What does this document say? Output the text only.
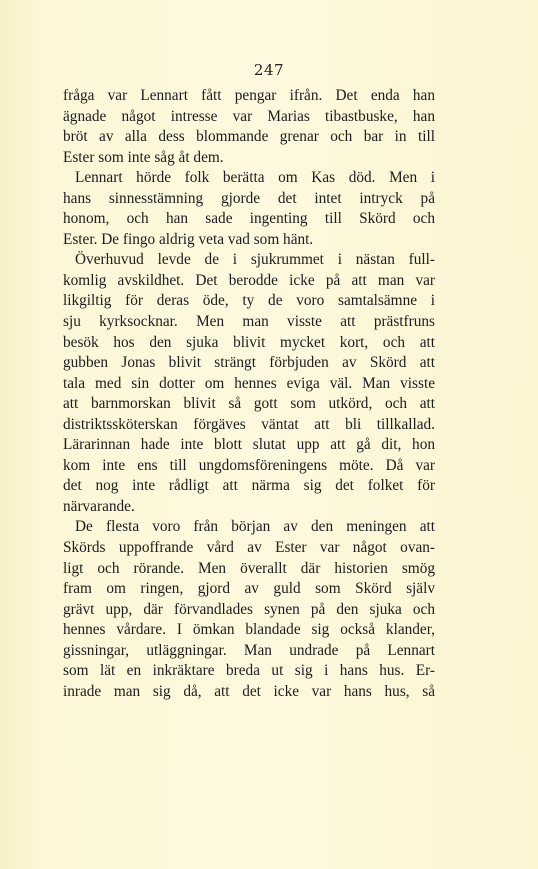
247
fråga var Lennart fått pengar ifrån. Det enda han
ägnade något intresse var Marias tibastbuske, han
bröt av alla dess blommande grenar och bar in till
Ester som inte såg åt dem.
Lennart hörde folk berätta om Kas död. Men i
hans sinnesstämning gjorde det intet intryck på
honom, och han sade ingenting till Skörd och
Ester. De fingo aldrig veta vad som hänt.
Överhuvud levde de i sjukrummet i nästan full-
komlig avskildhet. Det berodde icke på att man var
likgiltig för deras öde, ty de voro samtalsämne i
sju kyrksocknar. Men man visste att prästfruns
besök hos den sjuka blivit mycket kort, och att
gubben Jonas blivit strängt förbjuden av Skörd att
tala med sin dotter om hennes eviga väl. Man visste
att barnmorskan blivit så gott som utkörd, och att
distriktssköterskan förgäves väntat att bli tillkallad.
Lärarinnan hade inte blott slutat upp att gå dit, hon
kom inte ens till ungdomsföreningens möte. Då var
det nog inte rådligt att närma sig det folket för
närvarande.
De flesta voro från början av den meningen att
Skörds uppoffrande vård av Ester var något ovan-
ligt och rörande. Men överallt där historien smög
fram om ringen, gjord av guld som Skörd själv
grävt upp, där förvandlades synen på den sjuka och
hennes vårdare. I ömkan blandade sig också klander,
gissningar, utläggningar. Man undrade på Lennart
som lät en inkräktare breda ut sig i hans hus. Er-
inrade man sig då, att det icke var hans hus, så
